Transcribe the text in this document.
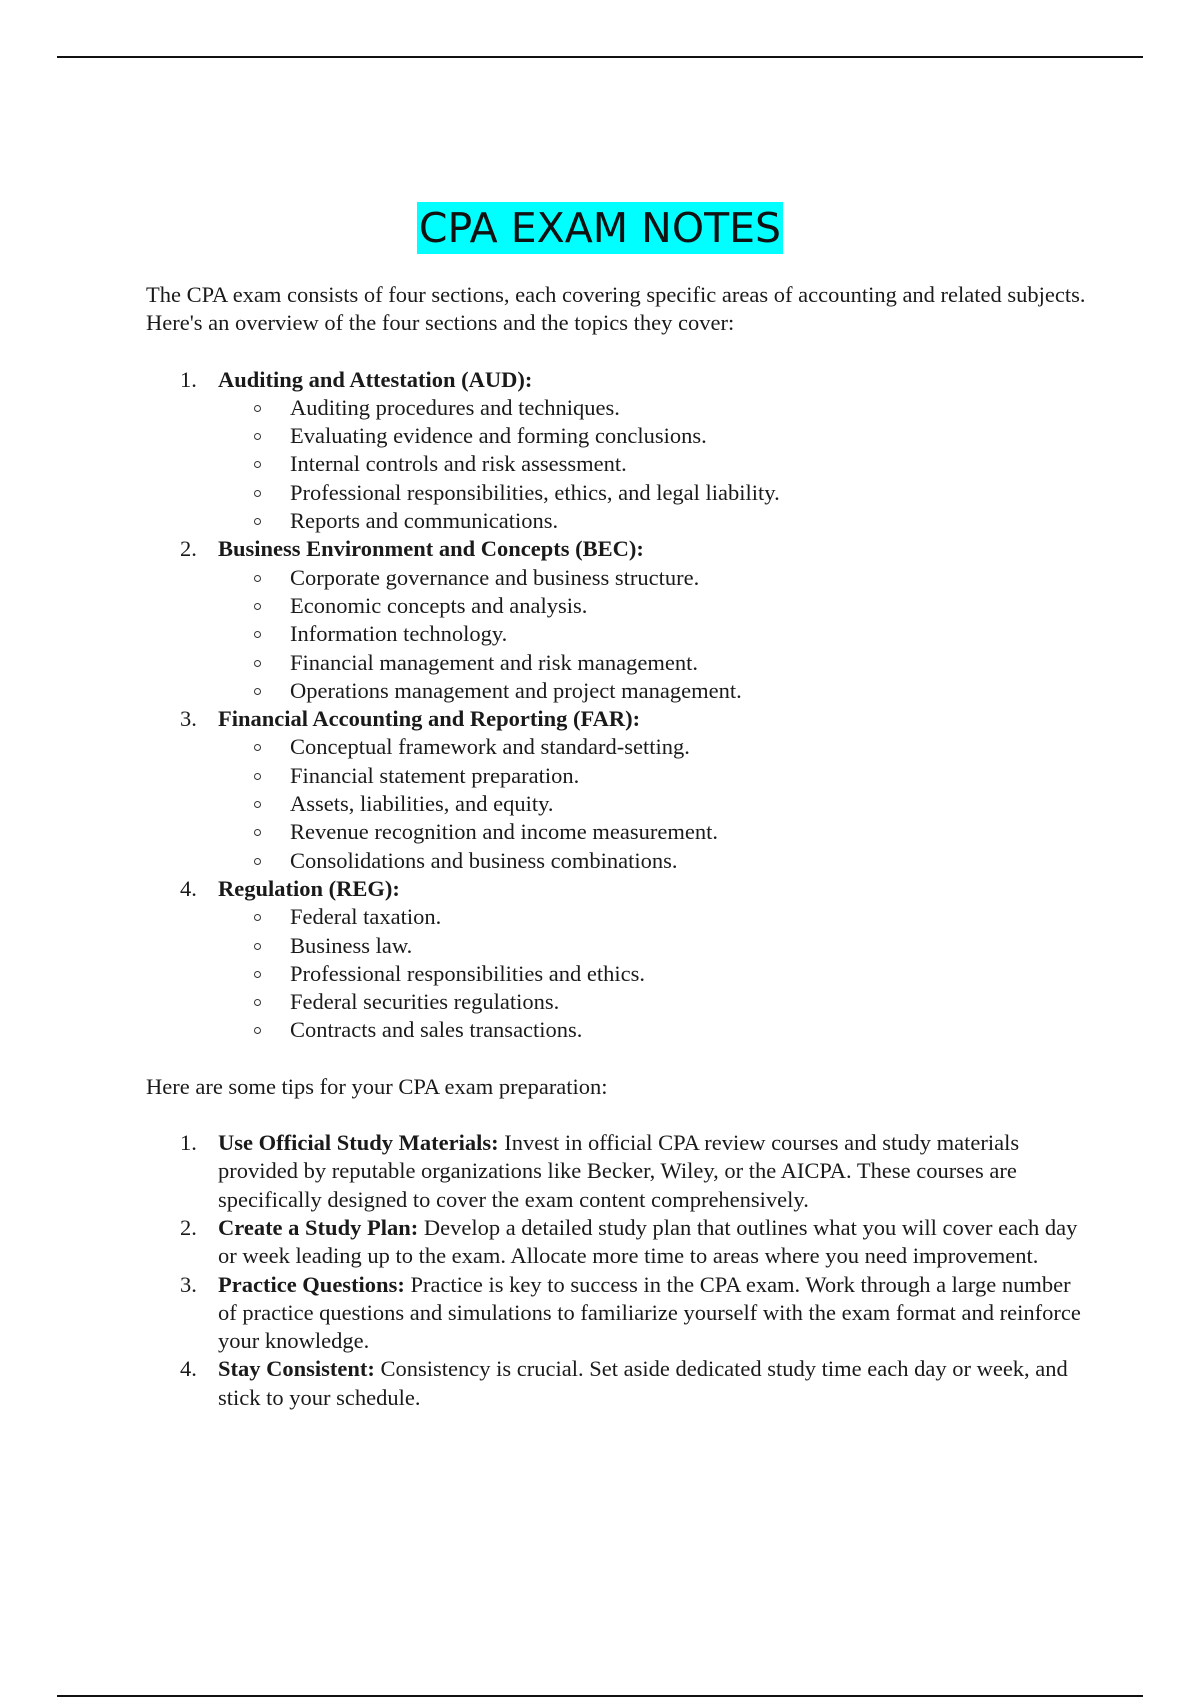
CPA EXAM NOTES

The CPA exam consists of four sections, each covering specific areas of accounting and related subjects. Here's an overview of the four sections and the topics they cover:

1. Auditing and Attestation (AUD):
Auditing procedures and techniques.
Evaluating evidence and forming conclusions.
Internal controls and risk assessment.
Professional responsibilities, ethics, and legal liability.
Reports and communications.
2. Business Environment and Concepts (BEC):
Corporate governance and business structure.
Economic concepts and analysis.
Information technology.
Financial management and risk management.
Operations management and project management.
3. Financial Accounting and Reporting (FAR):
Conceptual framework and standard-setting.
Financial statement preparation.
Assets, liabilities, and equity.
Revenue recognition and income measurement.
Consolidations and business combinations.
4. Regulation (REG):
Federal taxation.
Business law.
Professional responsibilities and ethics.
Federal securities regulations.
Contracts and sales transactions.

Here are some tips for your CPA exam preparation:

1. Use Official Study Materials: Invest in official CPA review courses and study materials provided by reputable organizations like Becker, Wiley, or the AICPA. These courses are specifically designed to cover the exam content comprehensively.
2. Create a Study Plan: Develop a detailed study plan that outlines what you will cover each day or week leading up to the exam. Allocate more time to areas where you need improvement.
3. Practice Questions: Practice is key to success in the CPA exam. Work through a large number of practice questions and simulations to familiarize yourself with the exam format and reinforce your knowledge.
4. Stay Consistent: Consistency is crucial. Set aside dedicated study time each day or week, and stick to your schedule.
